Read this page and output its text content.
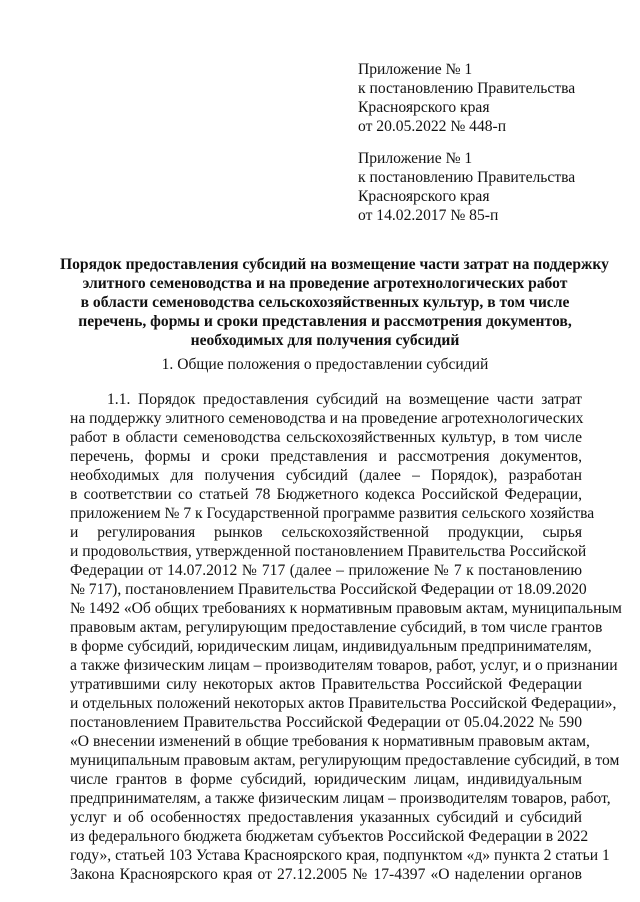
Приложение № 1
к постановлению Правительства
Красноярского края
от 20.05.2022 № 448-п
Приложение № 1
к постановлению Правительства
Красноярского края
от 14.02.2017 № 85-п
Порядок предоставления субсидий на возмещение части затрат на поддержку
элитного семеноводства и на проведение агротехнологических работ
в области семеноводства сельскохозяйственных культур, в том числе
перечень, формы и сроки представления и рассмотрения документов,
необходимых для получения субсидий
1. Общие положения о предоставлении субсидий
1.1. Порядок предоставления субсидий на возмещение части затрат
на поддержку элитного семеноводства и на проведение агротехнологических
работ в области семеноводства сельскохозяйственных культур, в том числе
перечень, формы и сроки представления и рассмотрения документов,
необходимых для получения субсидий (далее – Порядок), разработан
в соответствии со статьей 78 Бюджетного кодекса Российской Федерации,
приложением № 7 к Государственной программе развития сельского хозяйства
и регулирования рынков сельскохозяйственной продукции, сырья
и продовольствия, утвержденной постановлением Правительства Российской
Федерации от 14.07.2012 № 717 (далее – приложение № 7 к постановлению
№ 717), постановлением Правительства Российской Федерации от 18.09.2020
№ 1492 «Об общих требованиях к нормативным правовым актам, муниципальным
правовым актам, регулирующим предоставление субсидий, в том числе грантов
в форме субсидий, юридическим лицам, индивидуальным предпринимателям,
а также физическим лицам – производителям товаров, работ, услуг, и о признании
утратившими силу некоторых актов Правительства Российской Федерации
и отдельных положений некоторых актов Правительства Российской Федерации»,
постановлением Правительства Российской Федерации от 05.04.2022 № 590
«О внесении изменений в общие требования к нормативным правовым актам,
муниципальным правовым актам, регулирующим предоставление субсидий, в том
числе грантов в форме субсидий, юридическим лицам, индивидуальным
предпринимателям, а также физическим лицам – производителям товаров, работ,
услуг и об особенностях предоставления указанных субсидий и субсидий
из федерального бюджета бюджетам субъектов Российской Федерации в 2022
году», статьей 103 Устава Красноярского края, подпунктом «д» пункта 2 статьи 1
Закона Красноярского края от 27.12.2005 № 17-4397 «О наделении органов
